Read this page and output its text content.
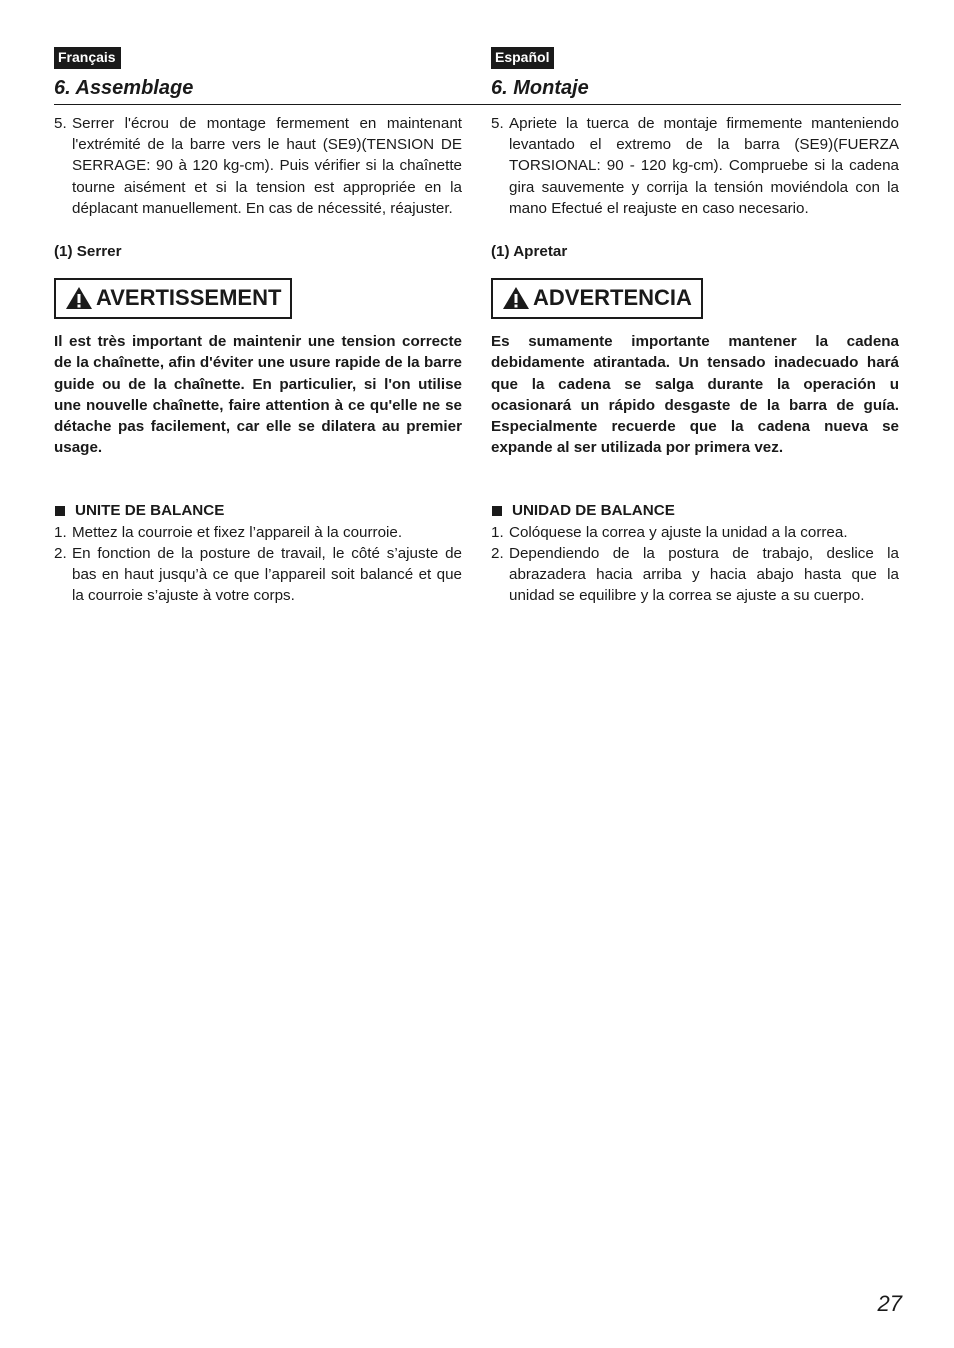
Français
6. Assemblage
Español
6. Montaje
5. Serrer l'écrou de montage fermement en maintenant l'extrémité de la barre vers le haut (SE9)(TENSION DE SERRAGE: 90 à 120 kg-cm). Puis vérifier si la chaînette tourne aisément et si la tension est appropriée en la déplacant manuellement. En cas de nécessité, réajuster.
(1) Serrer
AVERTISSEMENT
Il est très important de maintenir une tension correcte de la chaînette, afin d'éviter une usure rapide de la barre guide ou de la chaînette. En particulier, si l'on utilise une nouvelle chaînette, faire attention à ce qu'elle ne se détache pas facilement, car elle se dilatera au premier usage.
UNITE DE BALANCE
1. Mettez la courroie et fixez l’appareil à la courroie.
2. En fonction de la posture de travail, le côté s’ajuste de bas en haut jusqu’à ce que l’appareil soit balancé et que la courroie s’ajuste à votre corps.
5. Apriete la tuerca de montaje firmemente manteniendo levantado el extremo de la barra (SE9)(FUERZA TORSIONAL: 90 - 120 kg-cm). Compruebe si la cadena gira sauvemente y corrija la tensión moviéndola con la mano Efectué el reajuste en caso necesario.
(1) Apretar
ADVERTENCIA
Es sumamente importante mantener la cadena debidamente atirantada. Un tensado inadecuado hará que la cadena se salga durante la operación u ocasionará un rápido desgaste de la barra de guía. Especialmente recuerde que la cadena nueva se expande al ser utilizada por primera vez.
UNIDAD DE BALANCE
1. Colóquese la correa y ajuste la unidad a la correa.
2. Dependiendo de la postura de trabajo, deslice la abrazadera hacia arriba y hacia abajo hasta que la unidad se equilibre y la correa se ajuste a su cuerpo.
27
